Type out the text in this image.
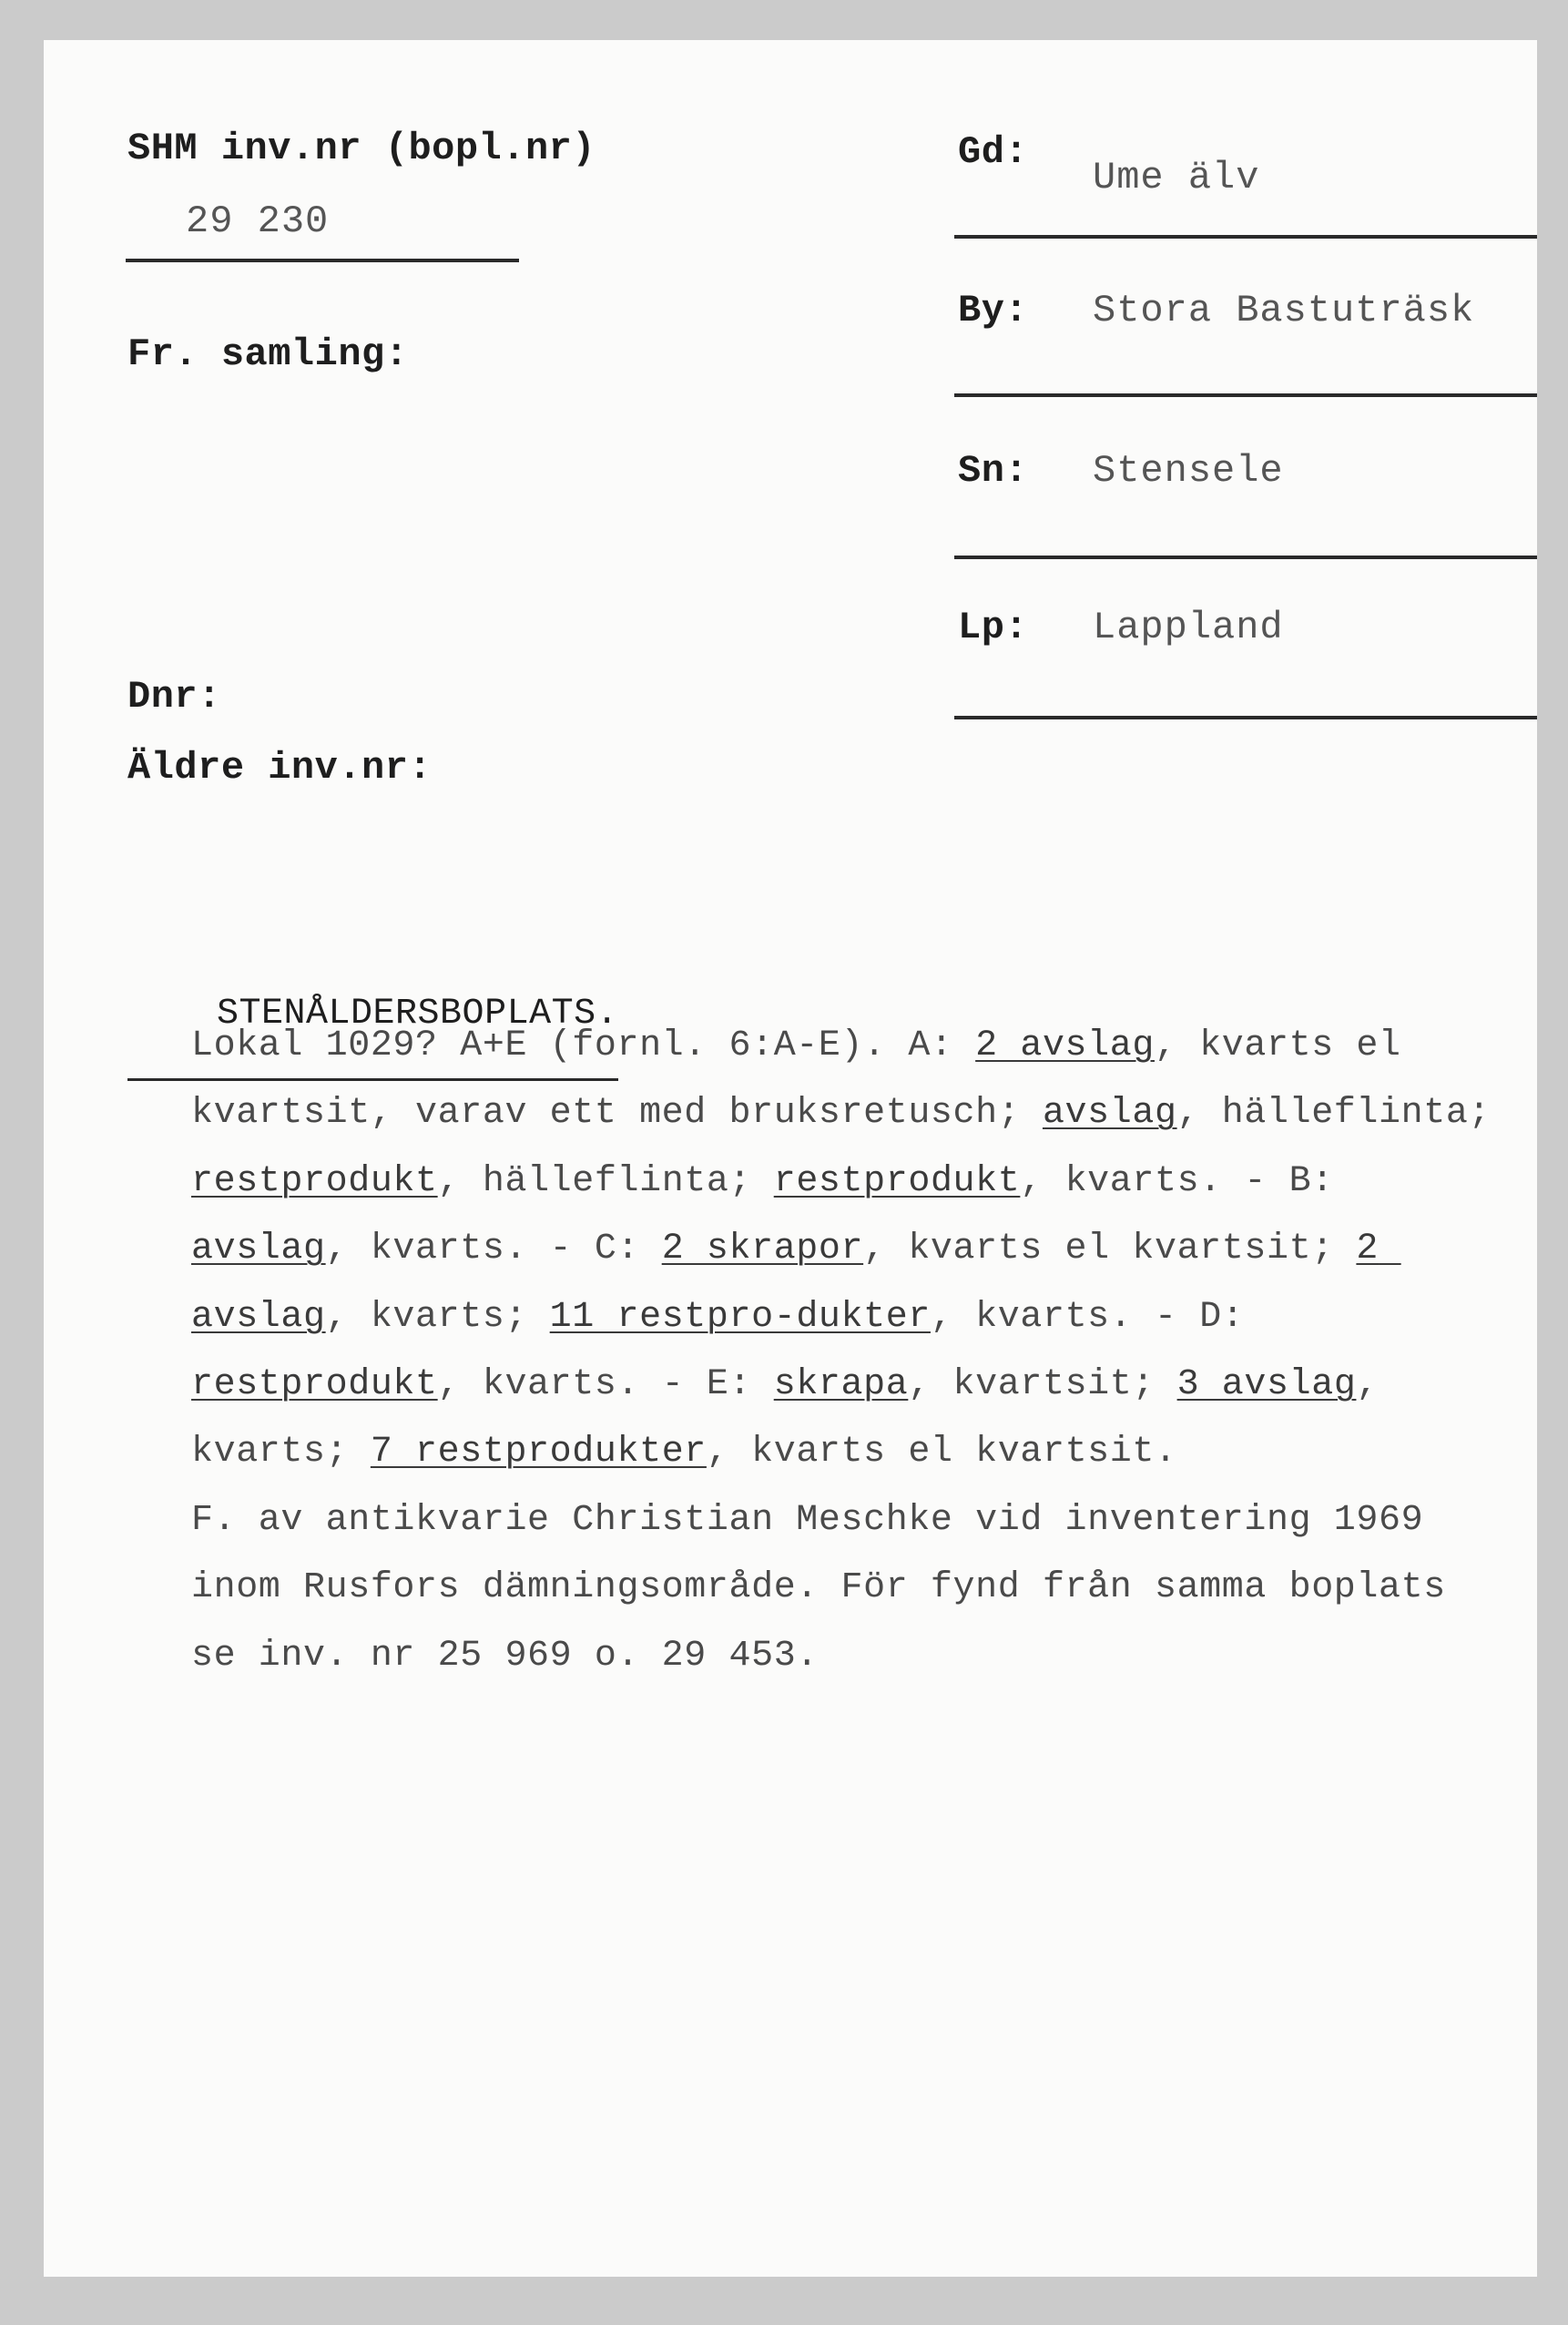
SHM inv.nr (bopl.nr)
29 230
Fr. samling:
Dnr:
Äldre inv.nr:
Gd:
Ume älv
By: Stora Bastuträsk
Sn: Stensele
Lp: Lappland

STENÅLDERSBOPLATS.

Lokal 1029? A+E (fornl. 6:A-E). A: 2 avslag, kvarts el kvartsit, varav ett med bruksretusch; avslag, hälleflinta; restprodukt, hälleflinta; restprodukt, kvarts. - B: avslag, kvarts. - C: 2 skrapor, kvarts el kvartsit; 2 avslag, kvarts; 11 restpro-dukter, kvarts. - D: restprodukt, kvarts. - E: skrapa, kvartsit; 3 avslag, kvarts; 7 restprodukter, kvarts el kvartsit.
F. av antikvarie Christian Meschke vid inventering 1969 inom Rusfors dämningsområde. För fynd från samma boplats se inv. nr 25 969 o. 29 453.
